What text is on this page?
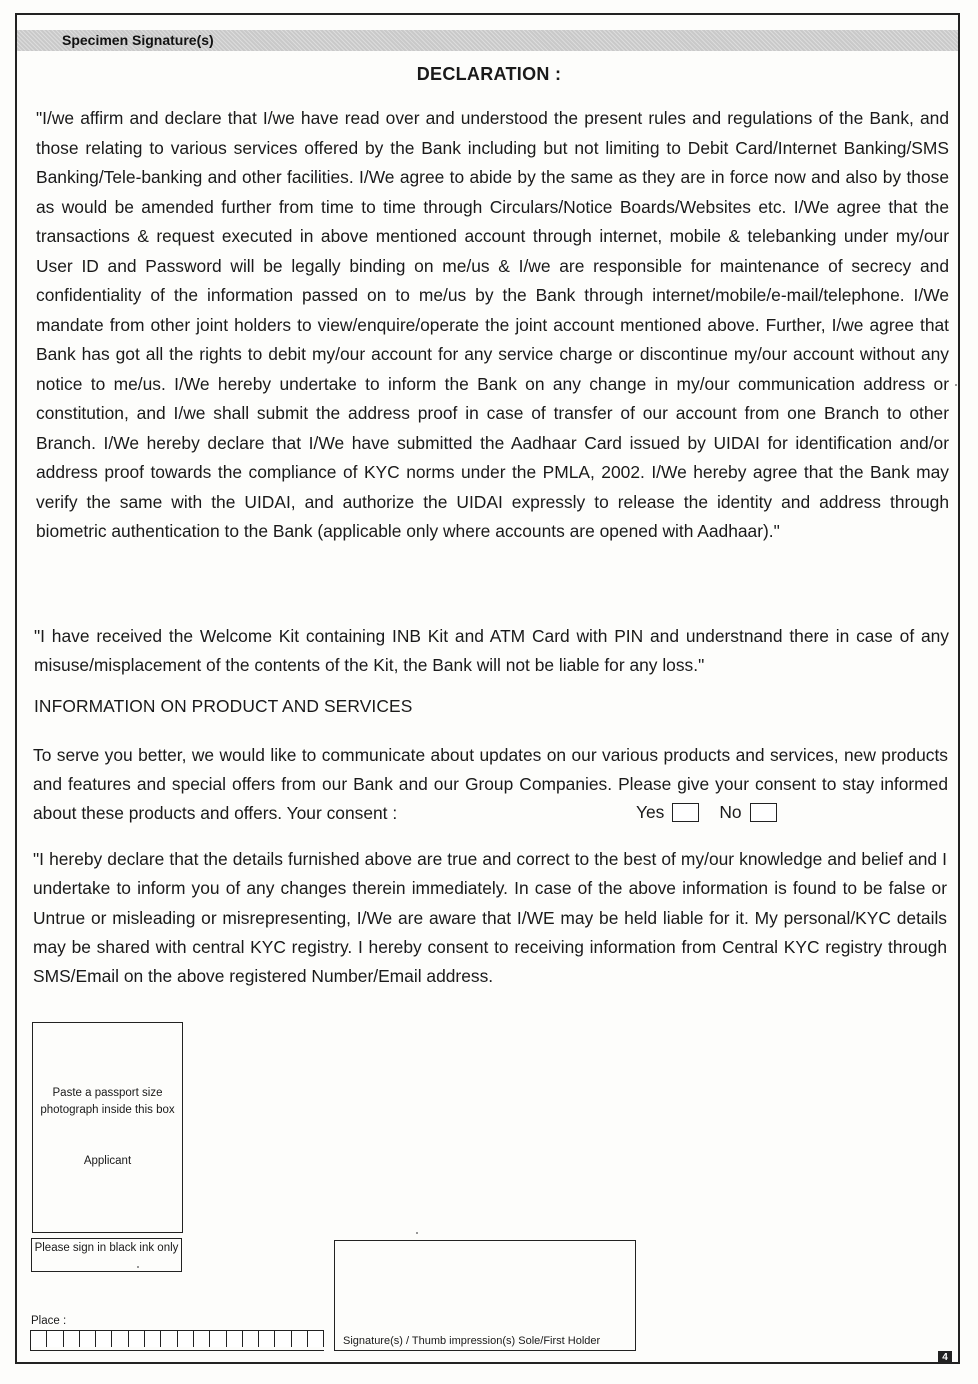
Specimen Signature(s)
DECLARATION :
"I/we affirm and declare that I/we have read over and understood the present rules and regulations of the Bank, and those relating to various services offered by the Bank including but not limiting to Debit Card/Internet Banking/SMS Banking/Tele-banking and other facilities. I/We agree to abide by the same as they are in force now and also by those as would be amended further from time to time through Circulars/Notice Boards/Websites etc. I/We agree that the transactions & request executed in above mentioned account through internet, mobile & telebanking under my/our User ID and Password will be legally binding on me/us & I/we are responsible for maintenance of secrecy and confidentiality of the information passed on to me/us by the Bank through internet/mobile/e-mail/telephone. I/We mandate from other joint holders to view/enquire/operate the joint account mentioned above. Further, I/we agree that Bank has got all the rights to debit my/our account for any service charge or discontinue my/our account without any notice to me/us. I/We hereby undertake to inform the Bank on any change in my/our communication address or constitution, and I/we shall submit the address proof in case of transfer of our account from one Branch to other Branch. I/We hereby declare that I/We have submitted the Aadhaar Card issued by UIDAI for identification and/or address proof towards the compliance of KYC norms under the PMLA, 2002. I/We hereby agree that the Bank may verify the same with the UIDAI, and authorize the UIDAI expressly to release the identity and address through biometric authentication to the Bank (applicable only where accounts are opened with Aadhaar)."
"I have received the Welcome Kit containing INB Kit and ATM Card with PIN and understnand there in case of any misuse/misplacement of the contents of the Kit, the Bank will not be liable for any loss."
INFORMATION ON PRODUCT AND SERVICES
To serve you better, we would like to communicate about updates on our various products and services, new products and features and special offers from our Bank and our Group Companies. Please give your consent to stay informed about these products and offers. Your consent :	Yes	No
"I hereby declare that the details furnished above are true and correct to the best of my/our knowledge and belief and I undertake to inform you of any changes therein immediately. In case of the above information is found to be false or Untrue or misleading or misrepresenting, I/We are aware that I/WE may be held liable for it. My personal/KYC details may be shared with central KYC registry. I hereby consent to receiving information from Central KYC registry through SMS/Email on the above registered Number/Email address.
Paste a passport size photograph inside this box
Applicant
Please sign in black ink only
Place :
Signature(s) / Thumb impression(s) Sole/First Holder
4
